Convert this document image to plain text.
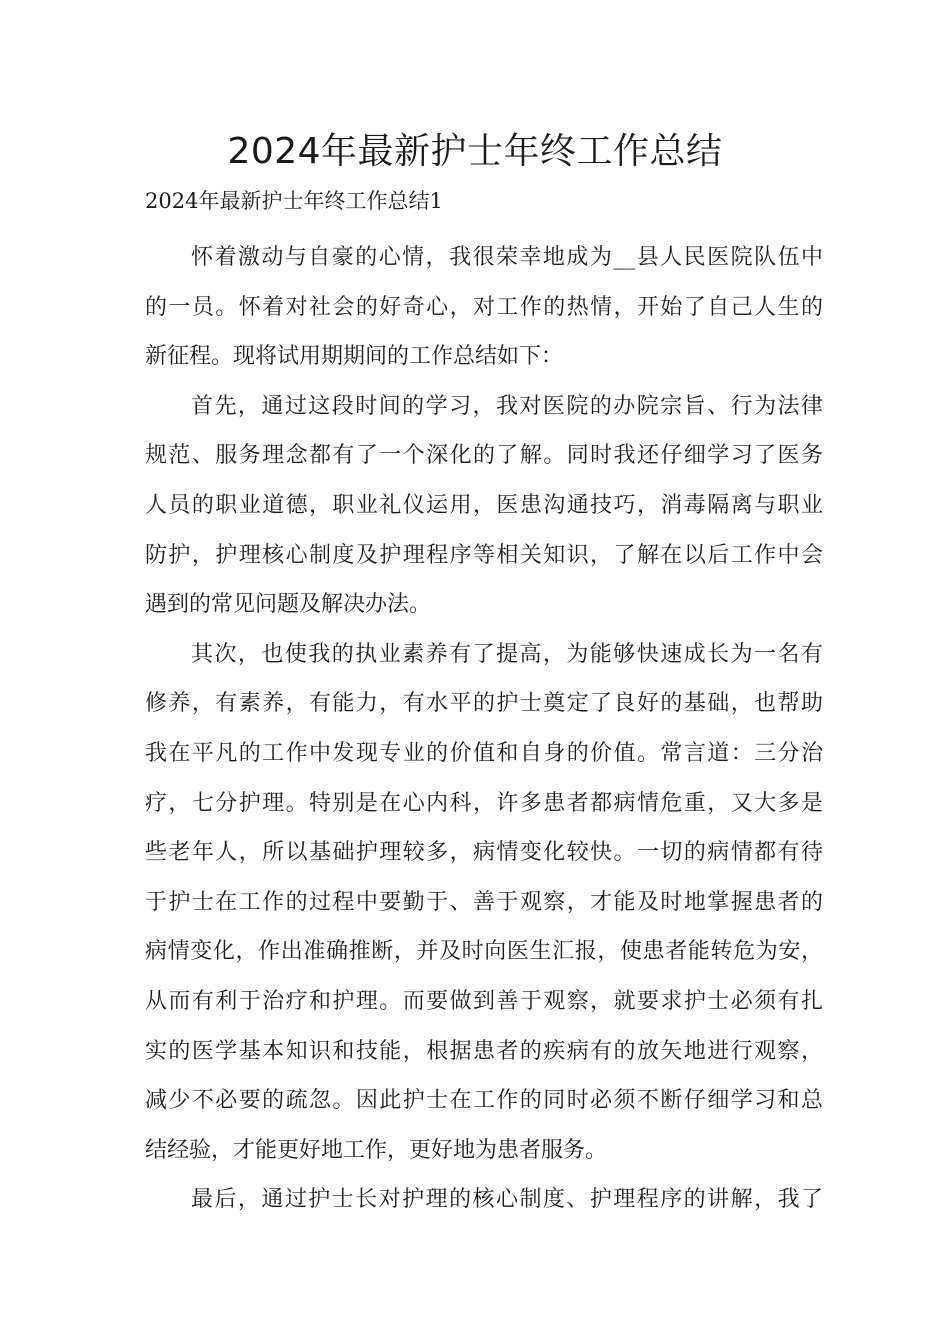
2024年最新护士年终工作总结

2024年最新护士年终工作总结1

怀着激动与自豪的心情，我很荣幸地成为__县人民医院队伍中
的一员。怀着对社会的好奇心，对工作的热情，开始了自己人生的
新征程。现将试用期期间的工作总结如下：

首先，通过这段时间的学习，我对医院的办院宗旨、行为法律
规范、服务理念都有了一个深化的了解。同时我还仔细学习了医务
人员的职业道德，职业礼仪运用，医患沟通技巧，消毒隔离与职业
防护，护理核心制度及护理程序等相关知识，了解在以后工作中会
遇到的常见问题及解决办法。

其次，也使我的执业素养有了提高，为能够快速成长为一名有
修养，有素养，有能力，有水平的护士奠定了良好的基础，也帮助
我在平凡的工作中发现专业的价值和自身的价值。常言道：三分治
疗，七分护理。特别是在心内科，许多患者都病情危重，又大多是
些老年人，所以基础护理较多，病情变化较快。一切的病情都有待
于护士在工作的过程中要勤于、善于观察，才能及时地掌握患者的
病情变化，作出准确推断，并及时向医生汇报，使患者能转危为安，
从而有利于治疗和护理。而要做到善于观察，就要求护士必须有扎
实的医学基本知识和技能，根据患者的疾病有的放矢地进行观察，
减少不必要的疏忽。因此护士在工作的同时必须不断仔细学习和总
结经验，才能更好地工作，更好地为患者服务。

最后，通过护士长对护理的核心制度、护理程序的讲解，我了
